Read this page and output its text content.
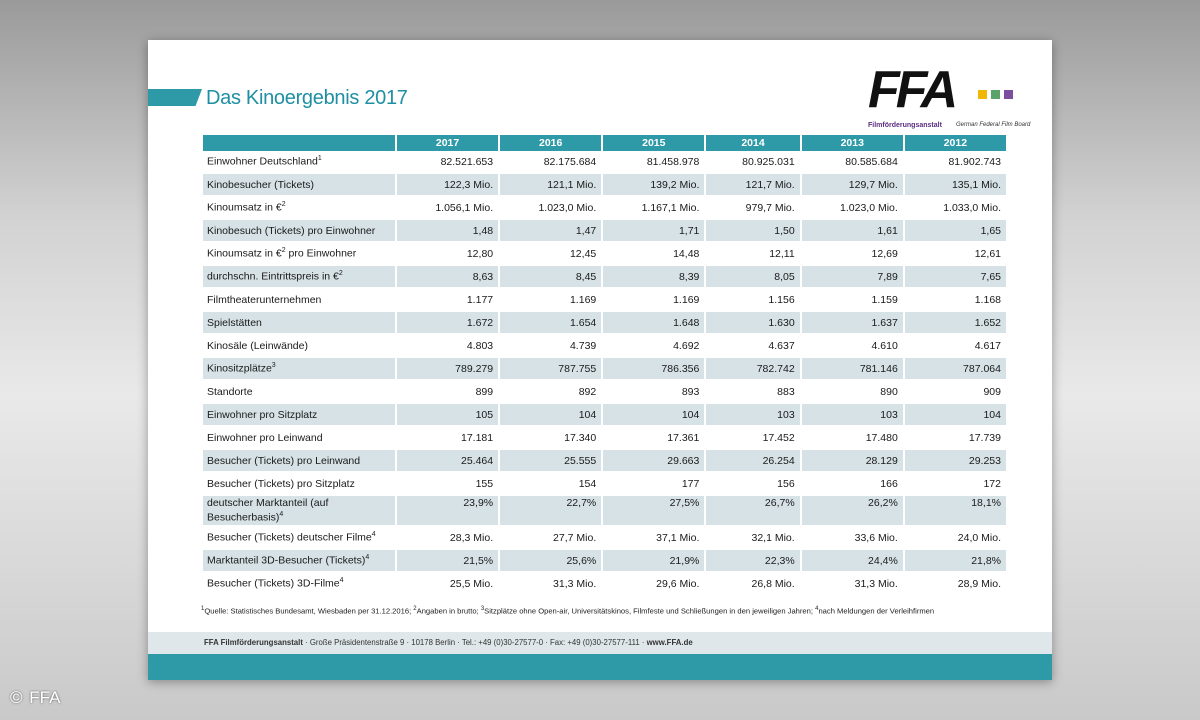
Das Kinoergebnis 2017	FFA
Filmförderungsanstalt German Federal Film Board
	2017	2016	2015	2014	2013	2012
Einwohner Deutschland$^1$	82.521.653	82.175.684	81.458.978	80.925.031	80.585.684	81.902.743
Kinobesucher (Tickets)	122,3 Mio.	121,1 Mio.	139,2 Mio.	121,7 Mio.	129,7 Mio.	135,1 Mio.
Kinoumsatz in €$^2$	1.056,1 Mio.	1.023,0 Mio.	1.167,1 Mio.	979,7 Mio.	1.023,0 Mio.	1.033,0 Mio.
Kinobesuch (Tickets) pro Einwohner	1,48	1,47	1,71	1,50	1,61	1,65
Kinoumsatz in €$^2$ pro Einwohner	12,80	12,45	14,48	12,11	12,69	12,61
durchschn. Eintrittspreis in €$^2$	8,63	8,45	8,39	8,05	7,89	7,65
Filmtheaterunternehmen	1.177	1.169	1.169	1.156	1.159	1.168
Spielstätten	1.672	1.654	1.648	1.630	1.637	1.652
Kinosäle (Leinwände)	4.803	4.739	4.692	4.637	4.610	4.617
Kinositzplätze$^3$	789.279	787.755	786.356	782.742	781.146	787.064
Standorte	899	892	893	883	890	909
Einwohner pro Sitzplatz	105	104	104	103	103	104
Einwohner pro Leinwand	17.181	17.340	17.361	17.452	17.480	17.739
Besucher (Tickets) pro Leinwand	25.464	25.555	29.663	26.254	28.129	29.253
Besucher (Tickets) pro Sitzplatz	155	154	177	156	166	172
deutscher Marktanteil (auf Besucherbasis)$^4$	23,9%	22,7%	27,5%	26,7%	26,2%	18,1%
Besucher (Tickets) deutscher Filme$^4$	28,3 Mio.	27,7 Mio.	37,1 Mio.	32,1 Mio.	33,6 Mio.	24,0 Mio.
Marktanteil 3D-Besucher (Tickets)$^4$	21,5%	25,6%	21,9%	22,3%	24,4%	21,8%
Besucher (Tickets) 3D-Filme$^4$	25,5 Mio.	31,3 Mio.	29,6 Mio.	26,8 Mio.	31,3 Mio.	28,9 Mio.
$^1$Quelle: Statistisches Bundesamt, Wiesbaden per 31.12.2016; $^2$Angaben in brutto; $^3$Sitzplätze ohne Open-air, Universitätskinos, Filmfeste und Schließungen in den jeweiligen Jahren; $^4$nach Meldungen der Verleihfirmen
FFA Filmförderungsanstalt · Große Präsidentenstraße 9 · 10178 Berlin · Tel.: +49 (0)30-27577-0 · Fax: +49 (0)30-27577-111 · www.FFA.de
© FFA
